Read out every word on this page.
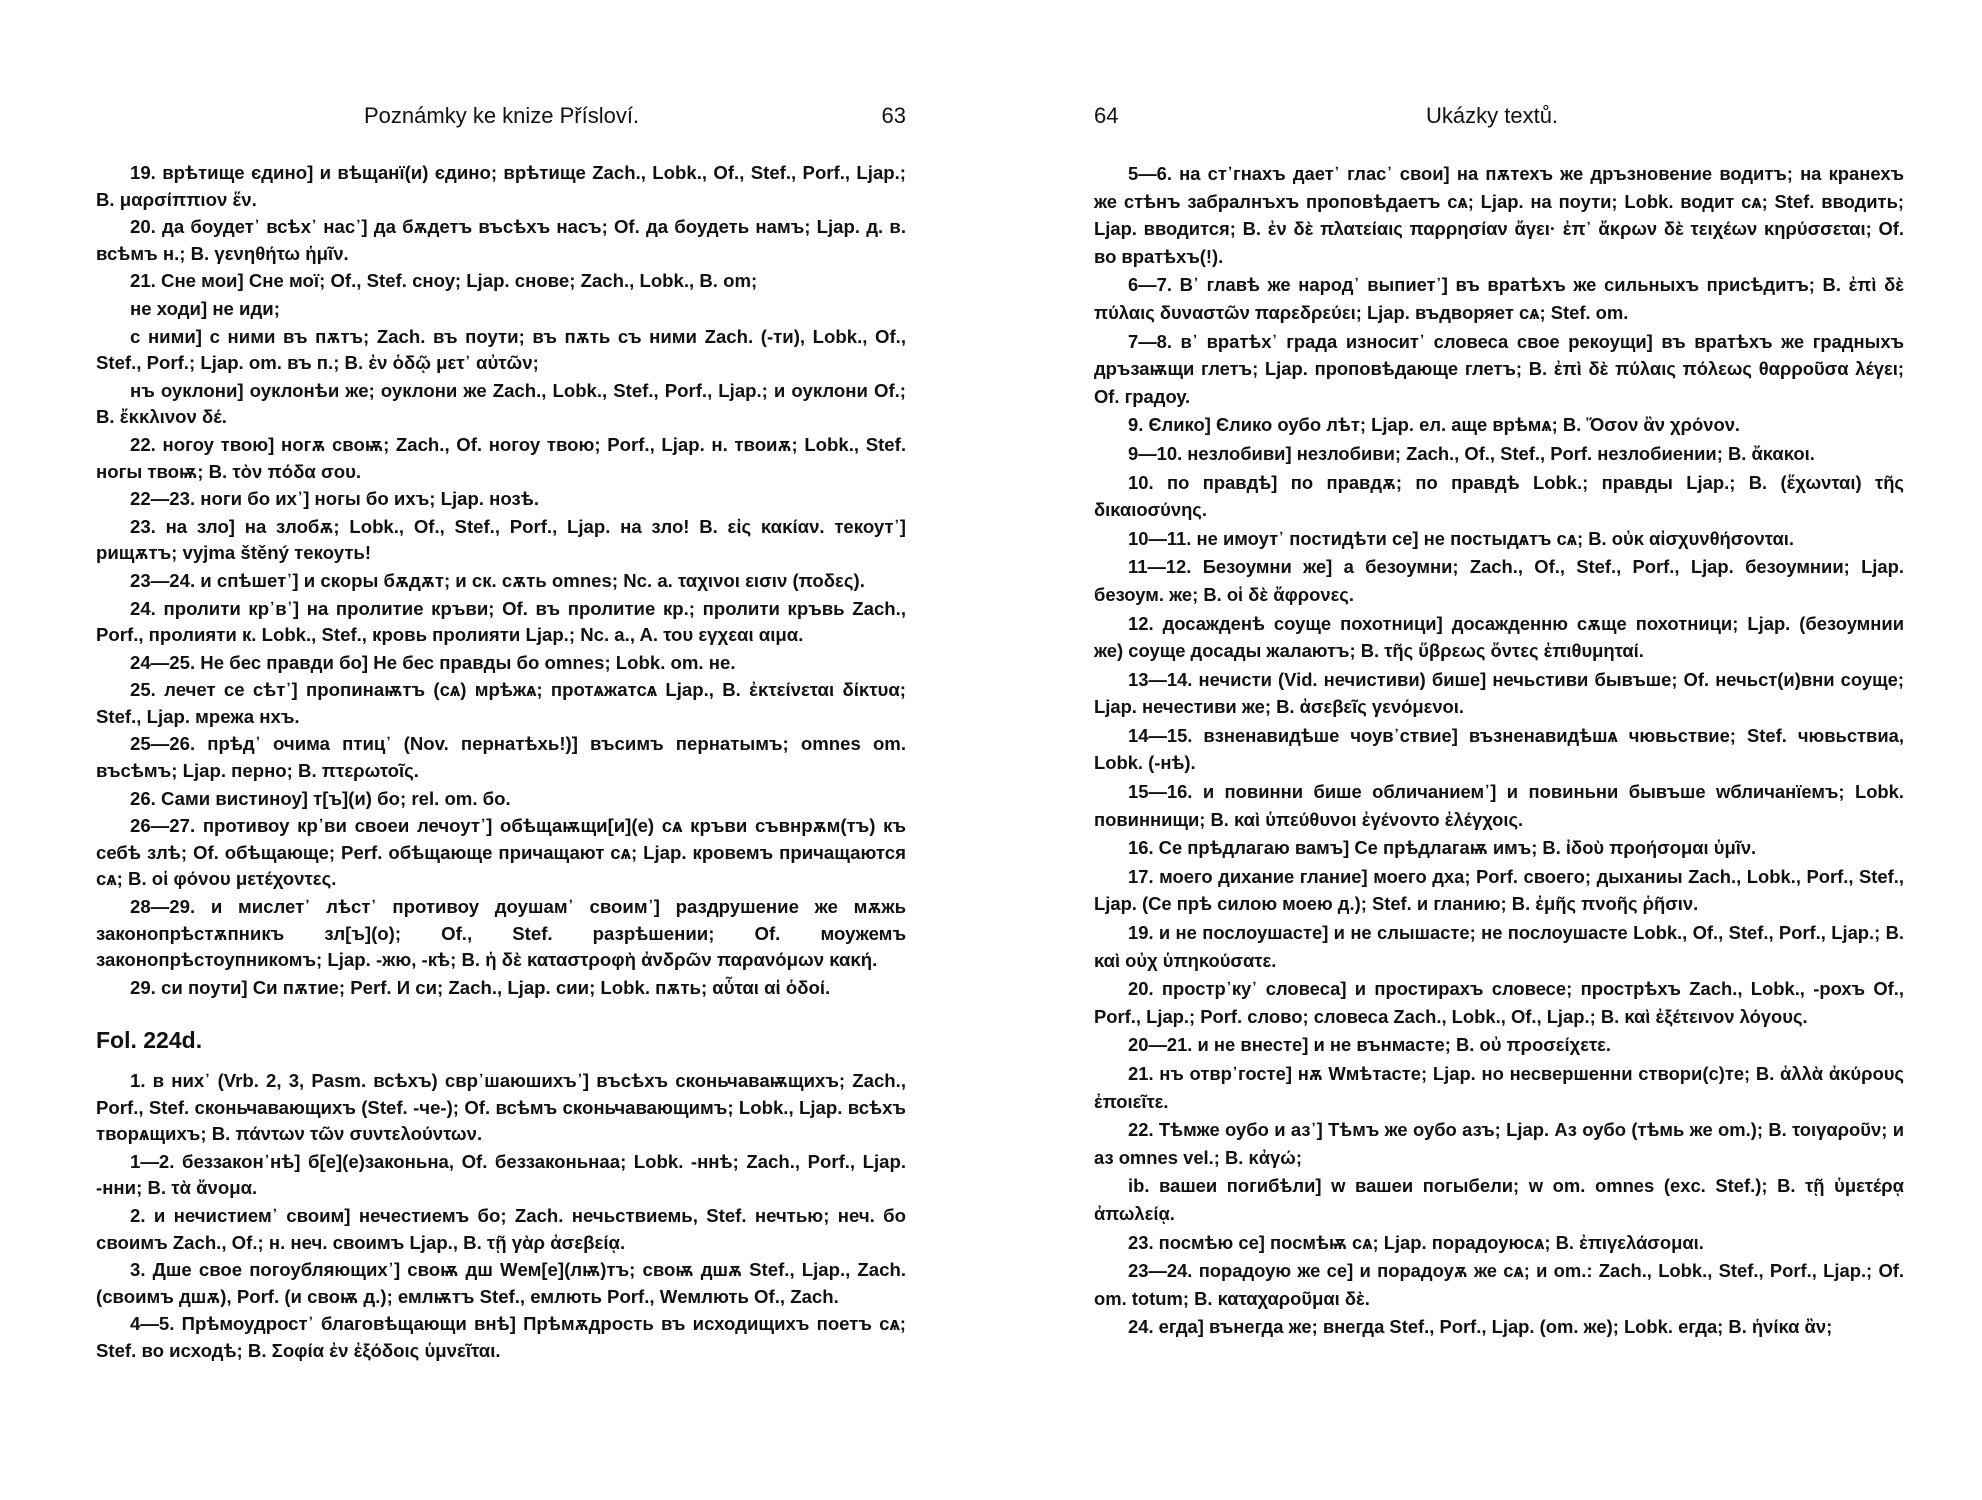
Poznámky ke knize Přísloví.	63

19. врѣтище єдино] и вѣщанї(и) єдино; врѣтище Zach., Lobk., Of., Stef., Porf., Ljap.; B. μαρσίππιον ἕν.

20. да боудет᾿ всѣх᾿ нас᾿] да бѫдетъ въсѣхъ насъ; Of. да боудеть намъ; Ljap. д. в. всѣмъ н.; B. γενηθήτω ἡμῖν.

21. Сне мои] Сне мої; Of., Stef. сноу; Ljap. снове; Zach., Lobk., B. om;

не ходи] не иди;

с ними] с ними въ пѫтъ; Zach. въ поути; въ пѫть съ ними Zach. (-ти), Lobk., Of., Stef., Porf.; Ljap. om. въ п.; B. ἐν ὁδῷ μετ᾿ αὐτῶν;

нъ оуклони] оуклонѣи же; оуклони же Zach., Lobk., Stef., Porf., Ljap.; и оуклони Of.; B. ἔκκλινον δέ.

22. ногоу твою] ногѫ своѭ; Zach., Of. ногоу твою; Porf., Ljap. н. твоиѫ; Lobk., Stef. ногы твоѭ; B. τὸν πόδα σου.

22—23. ноги бо их᾿] ногы бо ихъ; Ljap. нозѣ.

23. на зло] на злобѫ; Lobk., Of., Stef., Porf., Ljap. на зло! B. εἰς κακίαν. текоут᾿] рищѫтъ; vyjma štěný текоуть!

23—24. и спѣшет᾿] и скоры бѫдѫт; и ск. сѫть omnes; Nc. a. ταχινοι εισιν (ποδες).

24. пролити кр᾿в᾿] на пролитие кръви; Of. въ пролитие кр.; пролити кръвь Zach., Porf., пролияти к. Lobk., Stef., кровь пролияти Ljap.; Nc. a., A. του εγχεαι αιμα.

24—25. Не бес правди бо] Не бес правды бо omnes; Lobk. om. не.

25. лечет се сѣт᾿] пропинаѭтъ (сѧ) мрѣжѧ; протѧжатсѧ Ljap., B. ἐκτείνεται δίκτυα; Stef., Ljap. мрежа нхъ.

25—26. прѣд᾿ очима птиц᾿ (Nov. пернатѣхь!)] въсимъ пернатымъ; omnes om. въсѣмъ; Ljap. перно; B. πτερωτοῖς.

26. Сами вистиноу] т[ъ](и) бо; rel. om. бо.

26—27. противоу кр᾿ви своеи лечоут᾿] обѣщаѭщи[и](е) сѧ кръви съвнрѫм(тъ) къ себѣ злѣ; Of. обѣщающе; Perf. обѣщающе причащают сѧ; Ljap. кровемъ причащаются сѧ; B. οἱ φόνου μετέχοντες.

28—29. и мислет᾿ лѣст᾿ противоу доушам᾿ своим᾿] раздрушение же мѫжь законопрѣстѫпникъ зл[ъ](о); Of., Stef. разрѣшении; Of. моужемъ законопрѣстоупникомъ; Ljap. -жю, -кѣ; B. ἡ δὲ καταστροφὴ ἀνδρῶν παρανόμων κακή.

29. си поути] Си пѫтие; Perf. И си; Zach., Ljap. сии; Lobk. пѫть; αὗται αἱ ὁδοί.

Fol. 224d.

1. в них᾿ (Vrb. 2, 3, Pasm. всѣхъ) свр᾿шаюшихъ᾿] въсѣхъ сконьчаваѭщихъ; Zach., Porf., Stef. сконьчавающихъ (Stef. -че-); Of. всѣмъ сконьчавающимъ; Lobk., Ljap. всѣхъ творѧщихъ; B. πάντων τῶν συντελούντων.

1—2. беззакон᾿нѣ] б[е](е)законьна, Of. беззаконьнаа; Lobk. -ннѣ; Zach., Porf., Ljap. -нни; B. τὰ ἄνομα.

2. и нечистием᾿ своим] нечестиемъ бо; Zach. нечьствиемь, Stef. нечтью; неч. бо своимъ Zach., Of.; н. неч. своимъ Ljap., B. τῇ γὰρ ἀσεβείᾳ.

3. Дше свое погоубляющих᾿] своѭ дш Wем[е](лѭ)тъ; своѭ дшѫ Stef., Ljap., Zach. (своимъ дшѫ), Porf. (и своѭ д.); емлѭтъ Stef., емлють Porf., Wемлють Of., Zach.

4—5. Прѣмоудрост᾿ благовѣщающи внѣ] Прѣмѫдрость въ исходищихъ поетъ сѧ; Stef. во исходѣ; B. Σοφία ἐν ἐξόδοις ὑμνεῖται.

64	Ukázky textů.

5—6. на ст᾿гнахъ дает᾿ глас᾿ свои] на пѫтехъ же дръзновение водитъ; на кранехъ же стѣнъ забралнъхъ проповѣдаетъ сѧ; Ljap. на поути; Lobk. водит сѧ; Stef. вводить; Ljap. вводится; B. ἐν δὲ πλατείαις παρρησίαν ἄγει· ἐπ᾿ ἄκρων δὲ τειχέων κηρύσσεται; Of. во вратѣхъ(!).

6—7. В᾿ главѣ же народ᾿ выпиет᾿] въ вратѣхъ же сильныхъ присѣдитъ; B. ἐπὶ δὲ πύλαις δυναστῶν παρεδρεύει; Ljap. въдворяет сѧ; Stef. om.

7—8. в᾿ вратѣх᾿ града износит᾿ словеса свое рекоущи] въ вратѣхъ же градныхъ дръзаѭщи глетъ; Ljap. проповѣдающе глетъ; B. ἐπὶ δὲ πύλαις πόλεως θαρροῦσα λέγει; Of. градоу.

9. Єлико] Єлико оубо лѣт; Ljap. ел. аще врѣмѧ; B. Ὅσον ἂν χρόνον.

9—10. незлобиви] незлобиви; Zach., Of., Stef., Porf. незлобиении; B. ἄκακοι.

10. по правдѣ] по правдѫ; по правдѣ Lobk.; правды Ljap.; B. (ἕχωνται) τῆς δικαιοσύνης.

10—11. не имоут᾿ постидѣти се] не постыдѧтъ сѧ; B. οὐκ αἰσχυνθήσονται.

11—12. Безоумни же] а безоумни; Zach., Of., Stef., Porf., Ljap. безоумнии; Ljap. безоум. же; B. οἱ δὲ ἄφρονες.

12. досажденѣ соуще похотници] досажденню сѫще похотници; Ljap. (безоумнии же) соуще досады жалаютъ; B. τῆς ὕβρεως ὄντες ἐπιθυμηταί.

13—14. нечисти (Vid. нечистиви) бише] нечьстиви бывъше; Of. нечьст(и)вни соуще; Ljap. нечестиви же; B. ἀσεβεῖς γενόμενοι.

14—15. взненавидѣше чоув᾿ствие] възненавидѣшѧ чювьствие; Stef. чювьствиа, Lobk. (-нѣ).

15—16. и повинни бише обличанием᾿] и повиньни бывъше wбличанїемъ; Lobk. повиннищи; B. καὶ ὑπεύθυνοι ἐγένοντο ἐλέγχοις.

16. Се прѣдлагаю вамъ] Се прѣдлагаѭ имъ; B. ἰδοὺ προήσομαι ὑμῖν.

17. моего дихание гланиe] моего дха; Porf. своего; дыханиы Zach., Lobk., Porf., Stef., Ljap. (Се прѣ силою моею д.); Stef. и гланию; B. ἐμῆς πνοῆς ῥῆσιν.

19. и не послоушасте] и не слышасте; не послоушасте Lobk., Of., Stef., Porf., Ljap.; B. καὶ οὐχ ὑπηκούσατε.

20. простр᾿ку᾿ словеса] и простирахъ словесе; прострѣхъ Zach., Lobk., -рохъ Of., Porf., Ljap.; Porf. слово; словеса Zach., Lobk., Of., Ljap.; B. καὶ ἐξέτεινον λόγους.

20—21. и не внесте] и не вънмасте; B. οὐ προσείχετε.

21. нъ отвр᾿госте] нѫ Wмѣтасте; Ljap. но несвершенни створи(с)те; B. ἀλλὰ ἀκύρους ἐποιεῖτε.

22. Тѣмже оубо и аз᾿] Тѣмъ же оубо азъ; Ljap. Аз оубо (тѣмь же om.); B. τοιγαροῦν; и аз omnes vel.; B. κἀγώ;

ib. вашеи погибѣли] w вашеи погыбели; w om. omnes (exc. Stef.); B. τῇ ὑμετέρᾳ ἀπωλείᾳ.

23. посмѣю се] посмѣѭ сѧ; Ljap. порадоуюсѧ; B. ἐπιγελάσομαι.

23—24. порадоую же се] и порадоуѫ же сѧ; и om.: Zach., Lobk., Stef., Porf., Ljap.; Of. om. totum; B. καταχαροῦμαι δὲ.

24. егда] вънегда же; внегда Stef., Porf., Ljap. (om. же); Lobk. егда; B. ἡνίκα ἂν;
